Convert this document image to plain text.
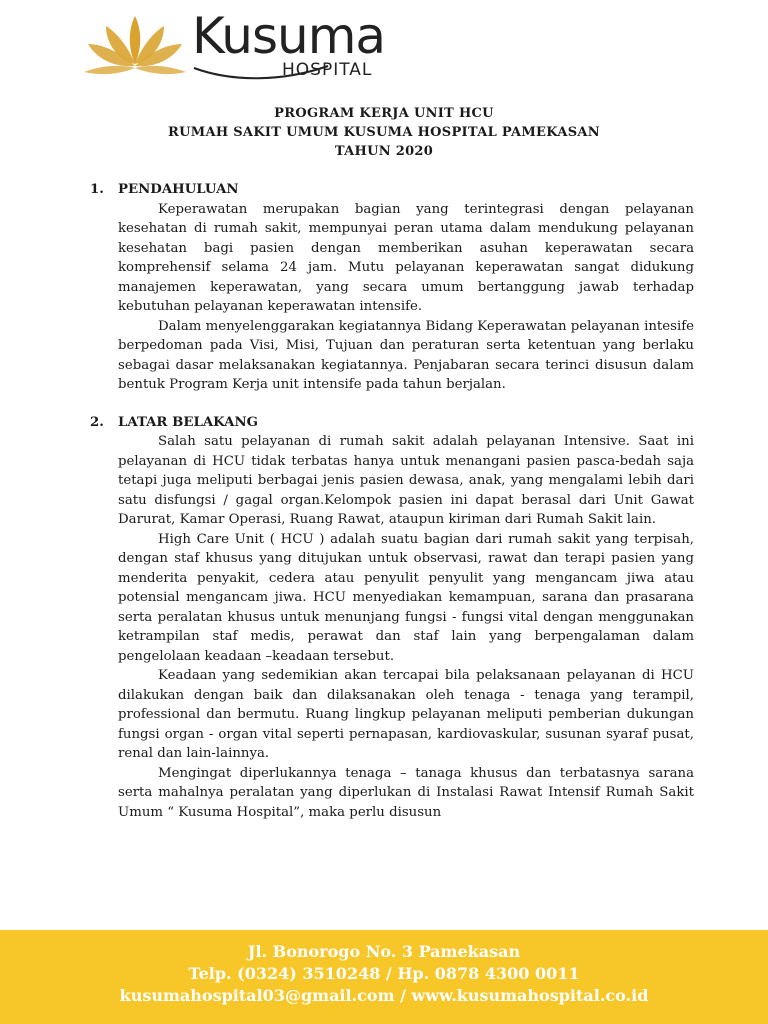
Kusuma
HOSPITAL
PROGRAM KERJA UNIT HCU
RUMAH SAKIT UMUM KUSUMA HOSPITAL PAMEKASAN
TAHUN 2020
1.	PENDAHULUAN

Keperawatan merupakan bagian yang terintegrasi dengan pelayanan kesehatan di rumah sakit, mempunyai peran utama dalam mendukung pelayanan kesehatan bagi pasien dengan memberikan asuhan keperawatan secara komprehensif selama 24 jam. Mutu pelayanan keperawatan sangat didukung manajemen keperawatan, yang secara umum bertanggung jawab terhadap kebutuhan pelayanan keperawatan intensife.

Dalam menyelenggarakan kegiatannya Bidang Keperawatan pelayanan intesife berpedoman pada Visi, Misi, Tujuan dan peraturan serta ketentuan yang berlaku sebagai dasar melaksanakan kegiatannya. Penjabaran secara terinci disusun dalam bentuk Program Kerja unit intensife pada tahun berjalan.

2.	LATAR BELAKANG

Salah satu pelayanan di rumah sakit adalah pelayanan Intensive. Saat ini pelayanan di HCU tidak terbatas hanya untuk menangani pasien pasca-bedah saja tetapi juga meliputi berbagai jenis pasien dewasa, anak, yang mengalami lebih dari satu disfungsi / gagal organ.Kelompok pasien ini dapat berasal dari Unit Gawat Darurat, Kamar Operasi, Ruang Rawat, ataupun kiriman dari Rumah Sakit lain.

High Care Unit ( HCU ) adalah suatu bagian dari rumah sakit yang terpisah, dengan staf khusus yang ditujukan untuk observasi, rawat dan terapi pasien yang menderita penyakit, cedera atau penyulit penyulit yang mengancam jiwa atau potensial mengancam jiwa. HCU menyediakan kemampuan, sarana dan prasarana serta peralatan khusus untuk menunjang fungsi - fungsi vital dengan menggunakan ketrampilan staf medis, perawat dan staf lain yang berpengalaman dalam pengelolaan keadaan –keadaan tersebut.

Keadaan yang sedemikian akan tercapai bila pelaksanaan pelayanan di HCU dilakukan dengan baik dan dilaksanakan oleh tenaga - tenaga yang terampil, professional dan bermutu. Ruang lingkup pelayanan meliputi pemberian dukungan fungsi organ - organ vital seperti pernapasan, kardiovaskular, susunan syaraf pusat, renal dan lain-lainnya.

Mengingat diperlukannya tenaga – tanaga khusus dan terbatasnya sarana serta mahalnya peralatan yang diperlukan di Instalasi Rawat Intensif Rumah Sakit Umum “ Kusuma Hospital”, maka perlu disusun

Jl. Bonorogo No. 3 Pamekasan
Telp. (0324) 3510248 / Hp. 0878 4300 0011
kusumahospital03@gmail.com / www.kusumahospital.co.id
